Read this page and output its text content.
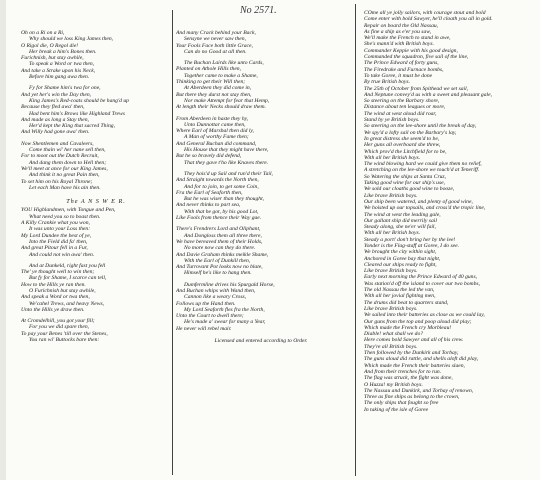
No 2571.
Oh on a Ri on a Ri,
Why should we loss King James then,
O Rigol die, O Regol die!
Her break a him's Bones then.
Furichnish, but stay awhile,
To speak a Word or twa then,
And take a Strake upon his Neck,
Before him gang awa then.
Fy for Shame him's twa for one,
And yet her's win the Day then,
King James's Red-coats should be hang'd up
Because they fled awa' then,
Had bent him's Brows like Highland Trews
And made as long a Stay then,
Her'd kept the King that sacred Thing,
And Willy had gone awa' then.
Now Shentlemen and Cavaleers,
Come thain wi' her nane sell then,
For to moot out the Dutch Recruit,
And dang them down to Hell then;
We'll meet at ance for our King James,
And think it no great Pain then,
To set him on his Royal Throne;
Let each Man have his ain then.
The A N S W E R.
YOU Highlandmen, with Tongue and Pen,
What need you so to boast then.
A Killy Crankie what you won,
It was unto your Loss then:
My Lord Dundee the best of ye,
Into the Field did fa' then,
And great Pitour fell in a Fur,
And could not win awa' then.
And at Dunkeld, right fast you fell
The' ye thought well to win then;
But fy for Shame, I scarce can tell,
How to the Hills ye ran then.
O Furichnish but stay awhile,
And speak a Word or twa then,
We'cahel Trews, and heavy News,
Unto the Hills ye draw then.
At Cromdelhill, you got your fill;
For you we did spare then,
To pay your Benes 'till over the Stenes,
You ran wi' Buttocks bare then:
And many Crack behind your Back,
Sensyne we never saw then,
Your Fools Face both little Grace,
Can do no Good at all then.
The Buchan Lairds like unto Cards,
Planted on Athole Hills then,
Together came to make a Shame,
Thinking to get their Will then;
At Aberdeen they did come in,
But there they durst not stay then,
Nor make Attempt for fear that Hemp,
At length their Necks should draw them.
From Aberdeen in haste they hy,
Unto Dunnottar came then,
Where Earl of Marshal then did ly,
A Man of worthy Fame then;
And General Buchan did command,
His House that they might have there,
But he so bravely did defend,
That they gave t'ho like Knaves there.
They hois'd up Sail and run'd their Tail,
And Straight towards the North then,
And for to join, to get some Coin,
Fra the Earl of Seaforth then,
But he was wiser than they thought,
And never thinks to part sea,
With that he got, by his good Lot,
Like Fools from thence their Way gae.
There's Frendrers Lord and Oliphant,
And Dongloss them all three there,
We have bereaved them of their Holds,
No more now can they do there.
And Davie Graham thinks meikle Shame,
With the Earl of Dunkill then,
And Turrovant Pot looks now no blate,
Himself he's like to hang then.
Dumfermline drives his Spurgald Horse,
And Buchan whips with Wand then,
Cannon like a weary Cross,
Follows up the Hand then.
My Lord Seaforth fles fra the North,
Unto the Court to dwell there;
He's made a' swear for many a Year,
He never will rebel mair.
Licensed and entered according to Order.
COme all ye jolly sailors, with courage stout and bold
Come enter with bold Sawyer, he'll cloath you all in gold.
Repair on board the Old Nassau,
As fine a ship as e'er you saw,
We'll make the French to stand in awe,
She's mann'd with British boys.
Commander Keppie with his good design,
Commanded the squadron, five sail of the line,
The Prince Edward of forty guns,
The Firedrake and Furnace bombs,
To take Goree, it must be done
By true British boys.
The 25th of October from Spithead we set sail,
And Neptune convey'd us with a sweet and pleasant gale,
So steering on the Barbary shore,
Distance about ten leagues or more,
The wind at west aloud did roar,
Stand by ye British boys.
So steering on the lee-shore until the break of day,
We spy'd a lofty sail on the Barbary's lay,
In great distress she seem'd to be,
Her guns all overboard she threw,
Which prov'd the Litchfield for to be,
With all her British boys.
The wind blowing hard we could give them no relief,
A stretching on the lee-shore we touch'd at Teneriff.
So Watering the ships at Santa Cruz,
Taking good wine for our ship's use,
We sold our cloaths good wine to booze,
Like brave British boys.
Our ship been watered, and plenty of good wine,
We hoisted up our topsails, and cross'd the tropic line,
The wind at west the leading gale,
Our gallant ship did merrily sail
Steady along, she ne'er will fail,
With all her British boys.
Steady a port! don't bring her by the lee!
Yonder is the Flag-staff at Goree, I do see.
We brought the city within sight,
Anchored in Goree bay that night,
Cleared our ships ready to fight,
Like brave British boys.
Early next morning the Prince Edward of 40 guns,
Was station'd off the island to cover our two bombs,
The old Nassau the led the van,
With all her jovial fighting men,
The drums did beat to quarters stand,
Like brave British boys.
We sailed into their batteries as close as we could lay,
Our guns from the top and poop aloud did play;
Which made the French cry Morbleau!
Diable! what shall we do?
Here comes bold Sawyer and all of his crew.
They're all British boys.
Then followed by the Dunkirk and Torbay,
The guns aloud did rattle, and shells aloft did play,
Which made the French their batteries slaen,
And from their trenches for to run.
The flag was struck, the fight was done,
O Huzza! my British boys.
The Nassau and Dunkirk, and Torbay of renown,
Three as fine ships as belong to the crown,
The only ships that fought so free
In taking of the isle of Goree
